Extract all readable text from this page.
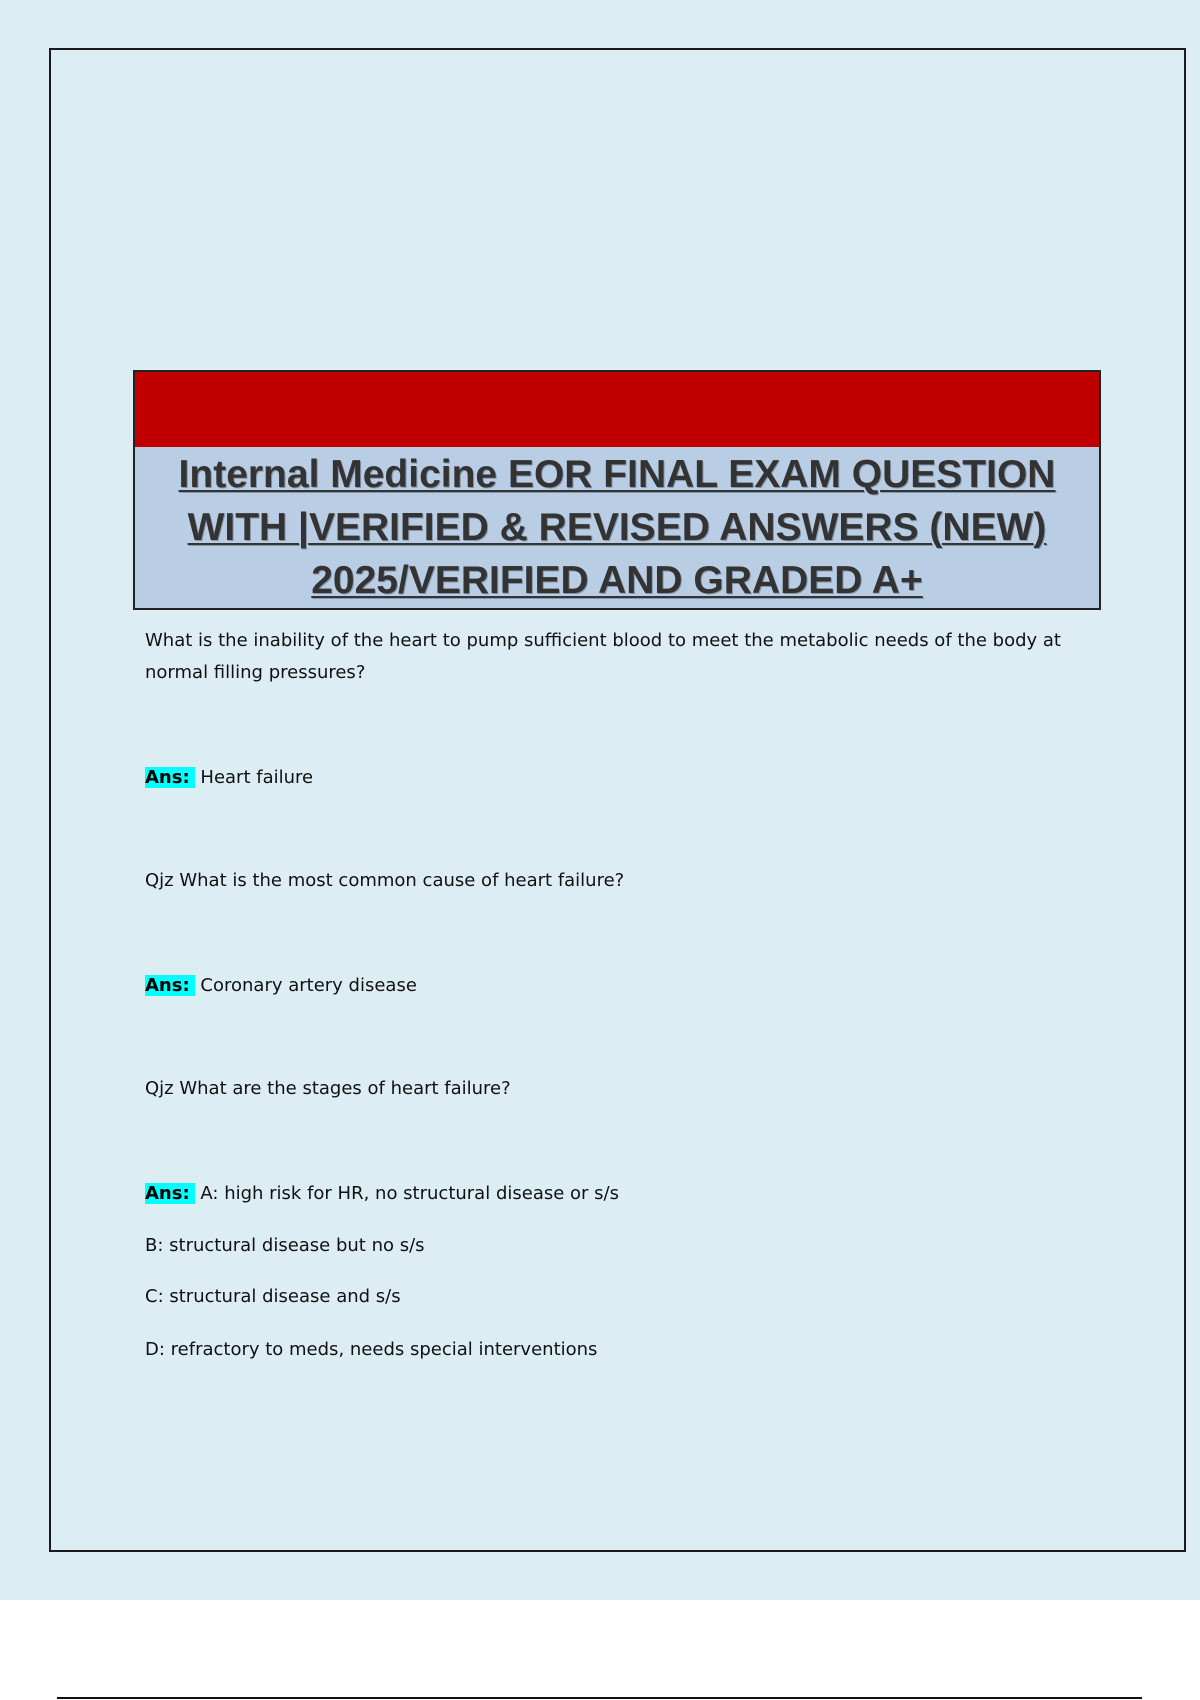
Internal Medicine EOR FINAL EXAM QUESTION
WITH |VERIFIED & REVISED ANSWERS (NEW)
2025/VERIFIED AND GRADED A+
What is the inability of the heart to pump sufficient blood to meet the metabolic needs of the body at normal filling pressures?
Ans: Heart failure
Qjz What is the most common cause of heart failure?
Ans: Coronary artery disease
Qjz What are the stages of heart failure?
Ans: A: high risk for HR, no structural disease or s/s
B: structural disease but no s/s
C: structural disease and s/s
D: refractory to meds, needs special interventions
